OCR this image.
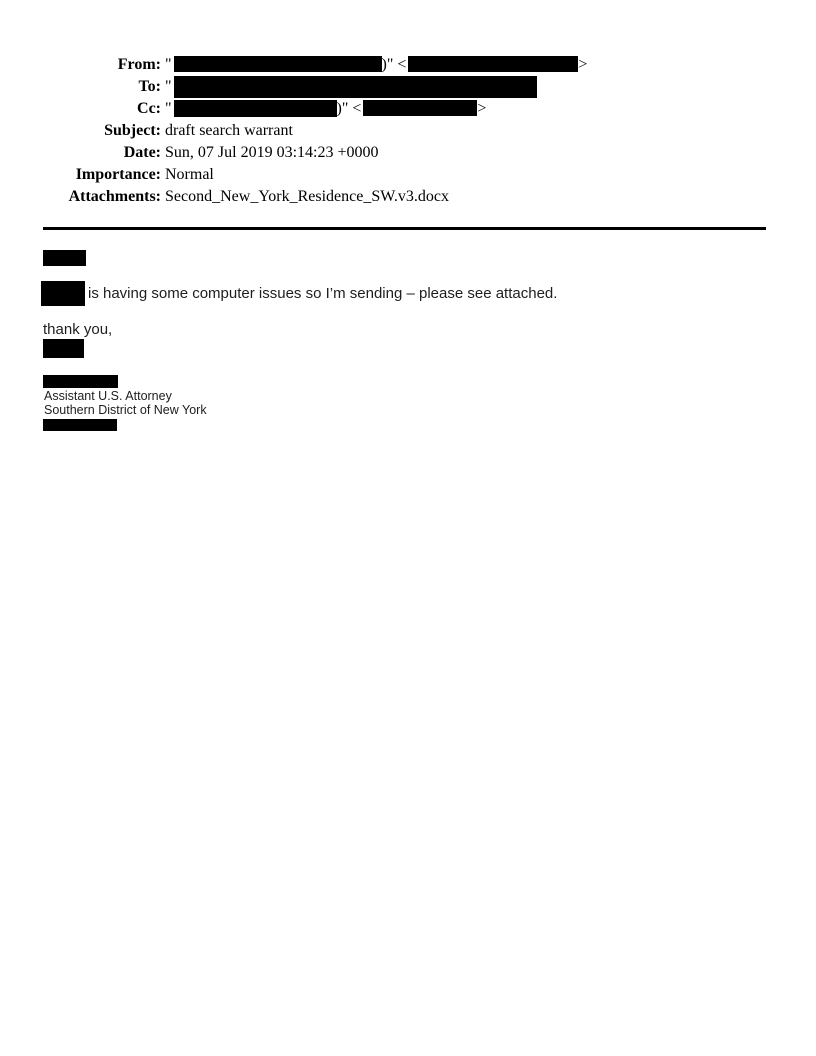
From: "	)" <	>
To: "
Cc: "	)" <	>
Subject: draft search warrant
Date: Sun, 07 Jul 2019 03:14:23 +0000
Importance: Normal
Attachments: Second_New_York_Residence_SW.v3.docx
is having some computer issues so I’m sending – please see attached.
thank you,
Assistant U.S. Attorney
Southern District of New York
